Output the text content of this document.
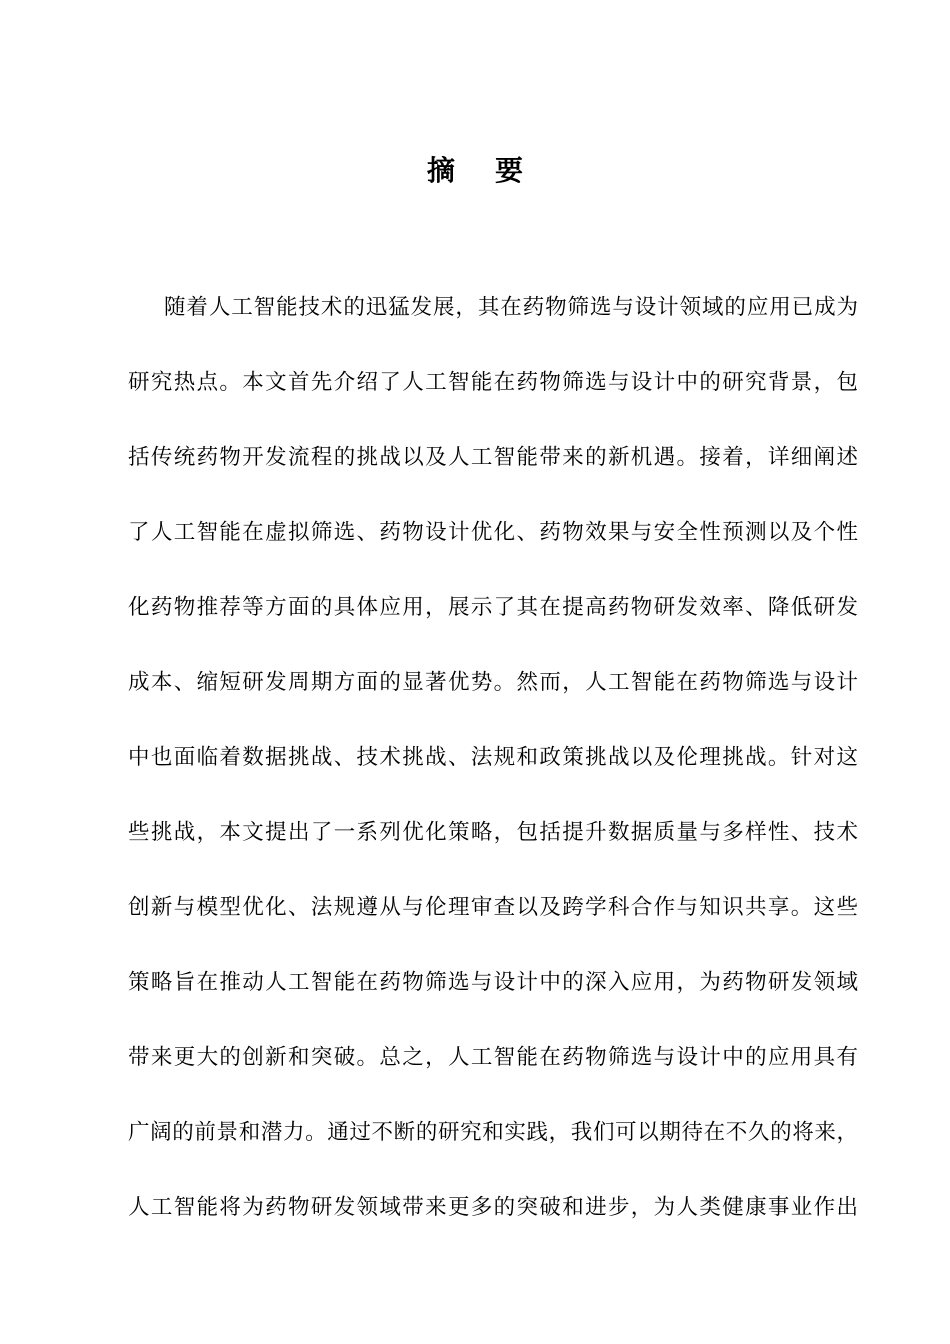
摘 要
随着人工智能技术的迅猛发展，其在药物筛选与设计领域的应用已成为
研究热点。本文首先介绍了人工智能在药物筛选与设计中的研究背景，包
括传统药物开发流程的挑战以及人工智能带来的新机遇。接着，详细阐述
了人工智能在虚拟筛选、药物设计优化、药物效果与安全性预测以及个性
化药物推荐等方面的具体应用，展示了其在提高药物研发效率、降低研发
成本、缩短研发周期方面的显著优势。然而，人工智能在药物筛选与设计
中也面临着数据挑战、技术挑战、法规和政策挑战以及伦理挑战。针对这
些挑战，本文提出了一系列优化策略，包括提升数据质量与多样性、技术
创新与模型优化、法规遵从与伦理审查以及跨学科合作与知识共享。这些
策略旨在推动人工智能在药物筛选与设计中的深入应用，为药物研发领域
带来更大的创新和突破。总之，人工智能在药物筛选与设计中的应用具有
广阔的前景和潜力。通过不断的研究和实践，我们可以期待在不久的将来，
人工智能将为药物研发领域带来更多的突破和进步，为人类健康事业作出
